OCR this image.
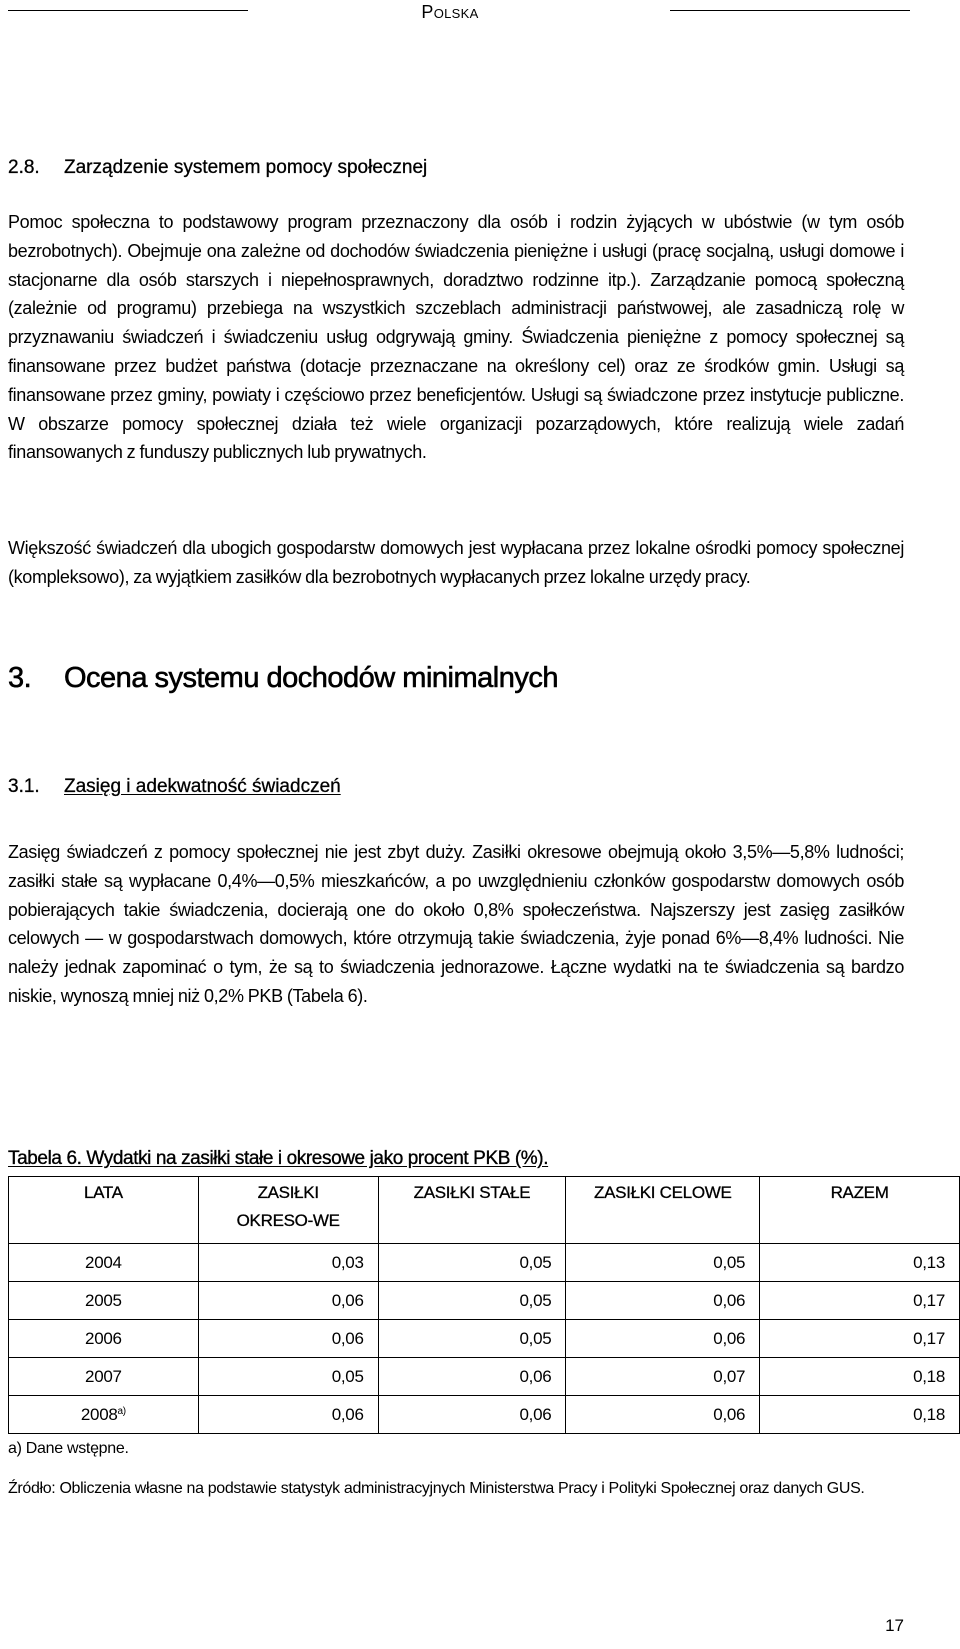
Polska
2.8. Zarządzenie systemem pomocy społecznej

Pomoc społeczna to podstawowy program przeznaczony dla osób i rodzin żyjących w ubóstwie (w tym osób bezrobotnych). Obejmuje ona zależne od dochodów świadczenia pieniężne i usługi (pracę socjalną, usługi domowe i stacjonarne dla osób starszych i niepełnosprawnych, doradztwo rodzinne itp.). Zarządzanie pomocą społeczną (zależnie od programu) przebiega na wszystkich szczeblach administracji państwowej, ale zasadniczą rolę w przyznawaniu świadczeń i świadczeniu usług odgrywają gminy. Świadczenia pieniężne z pomocy społecznej są finansowane przez budżet państwa (dotacje przeznaczane na określony cel) oraz ze środków gmin. Usługi są finansowane przez gminy, powiaty i częściowo przez beneficjentów. Usługi są świadczone przez instytucje publiczne. W obszarze pomocy społecznej działa też wiele organizacji pozarządowych, które realizują wiele zadań finansowanych z funduszy publicznych lub prywatnych.

Większość świadczeń dla ubogich gospodarstw domowych jest wypłacana przez lokalne ośrodki pomocy społecznej (kompleksowo), za wyjątkiem zasiłków dla bezrobotnych wypłacanych przez lokalne urzędy pracy.

3. Ocena systemu dochodów minimalnych
3.1. Zasięg i adekwatność świadczeń

Zasięg świadczeń z pomocy społecznej nie jest zbyt duży. Zasiłki okresowe obejmują około 3,5%—5,8% ludności; zasiłki stałe są wypłacane 0,4%—0,5% mieszkańców, a po uwzględnieniu członków gospodarstw domowych osób pobierających takie świadczenia, docierają one do około 0,8% społeczeństwa. Najszerszy jest zasięg zasiłków celowych — w gospodarstwach domowych, które otrzymują takie świadczenia, żyje ponad 6%—8,4% ludności. Nie należy jednak zapominać o tym, że są to świadczenia jednorazowe. Łączne wydatki na te świadczenia są bardzo niskie, wynoszą mniej niż 0,2% PKB (Tabela 6).

Tabela 6. Wydatki na zasiłki stałe i okresowe jako procent PKB (%).
LATA	ZASIŁKI OKRESO-WE	ZASIŁKI STAŁE	ZASIŁKI CELOWE	RAZEM
2004	0,03	0,05	0,05	0,13
2005	0,06	0,05	0,06	0,17
2006	0,06	0,05	0,06	0,17
2007	0,05	0,06	0,07	0,18
2008$^{a)}$	0,06	0,06	0,06	0,18
a) Dane wstępne.
Źródło: Obliczenia własne na podstawie statystyk administracyjnych Ministerstwa Pracy i Polityki Społecznej oraz danych GUS.
17
